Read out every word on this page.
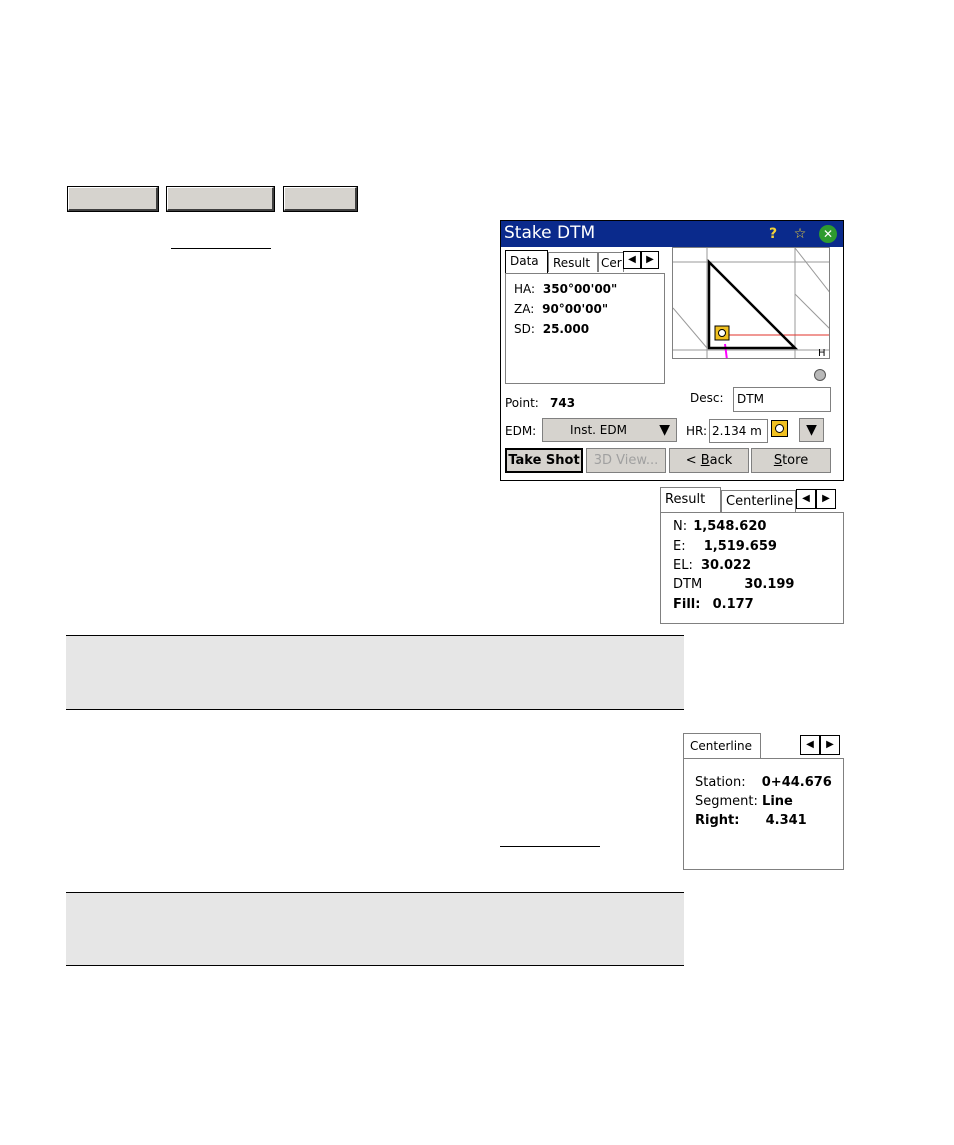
Stake DTM	?	☆	✕
Data	Result Cer ◀	▶
HA: 350°00'00"
ZA: 90°00'00"
SD: 25.000
H
Point: 743	Desc:	DTM
EDM:	Inst. EDM ▼ HR: 2.134 m	▼
Take Shot	3D View...	< Back	Store
Result	Centerline ◀	▶
N: 1,548.620
E: 1,519.659
EL: 30.022
DTM	30.199
Fill: 0.177
Centerline	◀	▶
Station: 0+44.676
Segment: Line
Right: 4.341
